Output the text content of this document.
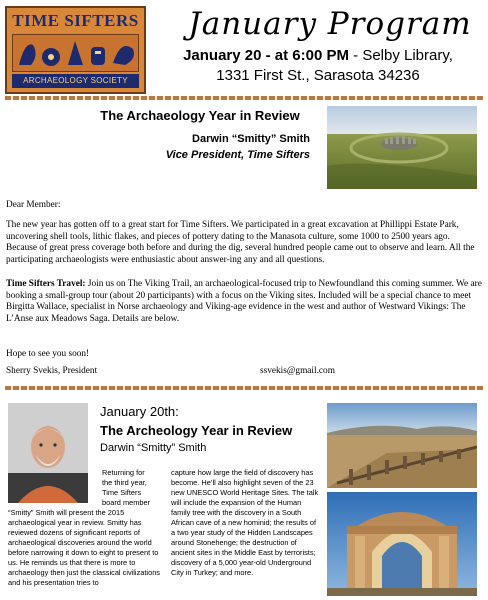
TIME SIFTERS
ARCHAEOLOGY SOCIETY
January Program
January 20 - at 6:00 PM - Selby Library,
1331 First St., Sarasota 34236
The Archaeology Year in Review
Darwin “Smitty” Smith
Vice President, Time Sifters
Dear Member:
The new year has gotten off to a great start for Time Sifters. We participated in a great excavation at Phillippi Estate Park, uncovering shell tools, lithic flakes, and pieces of pottery dating to the Manasota culture, some 1000 to 2500 years ago. Because of great press coverage both before and during the dig, several hundred people came out to observe and learn. All the participating archaeologists were enthusiastic about answer-ing any and all questions.
Time Sifters Travel: Join us on The Viking Trail, an archaeological-focused trip to Newfoundland this coming summer. We are booking a small-group tour (about 20 participants) with a focus on the Viking sites. Included will be a special chance to meet Birgitta Wallace, specialist in Norse archaeology and Viking-age evidence in the west and author of Westward Vikings: The L’Anse aux Meadows Saga. Details are below.
Hope to see you soon!
Sherry Svekis, President	ssvekis@gmail.com
January 20th:
The Archeology Year in Review
Darwin “Smitty” Smith
Returning for the third year, Time Sifters board member
“Smitty” Smith will present the 2015 archaeological year in review. Smitty has reviewed dozens of significant reports of archaeological discoveries around the world before narrowing it down to eight to present to us. He reminds us that there is more to archaeology then just the classical civilizations and his presentation tries to
capture how large the field of discovery has become. He’ll also highlight seven of the 23 new UNESCO World Heritage Sites. The talk will include the expansion of the Human family tree with the discovery in a South African cave of a new hominid; the results of a two year study of the Hidden Landscapes around Stonehenge; the destruction of ancient sites in the Middle East by terrorists; discovery of a 5,000 year-old Underground City in Turkey; and more.
